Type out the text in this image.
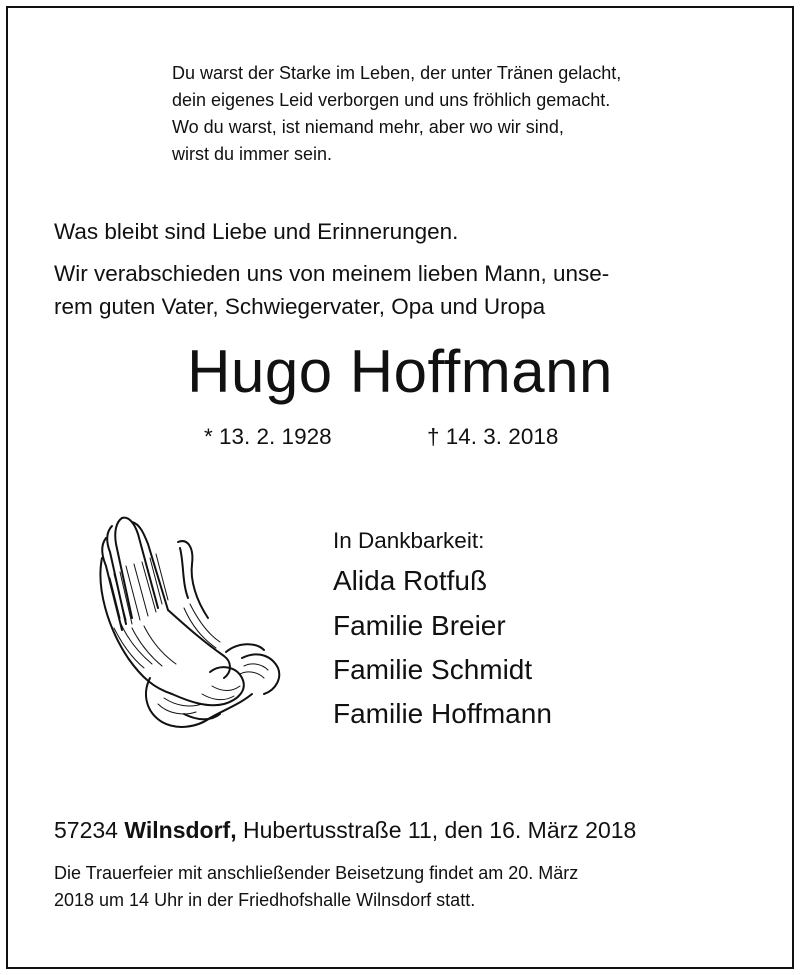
Du warst der Starke im Leben, der unter Tränen gelacht,
dein eigenes Leid verborgen und uns fröhlich gemacht.
Wo du warst, ist niemand mehr, aber wo wir sind,
wirst du immer sein.
Was bleibt sind Liebe und Erinnerungen.
Wir verabschieden uns von meinem lieben Mann, unse-
rem guten Vater, Schwiegervater, Opa und Uropa
Hugo Hoffmann
* 13. 2. 1928	† 14. 3. 2018
In Dankbarkeit:
Alida Rotfuß
Familie Breier
Familie Schmidt
Familie Hoffmann
57234 Wilnsdorf, Hubertusstraße 11, den 16. März 2018
Die Trauerfeier mit anschließender Beisetzung findet am 20. März
2018 um 14 Uhr in der Friedhofshalle Wilnsdorf statt.
